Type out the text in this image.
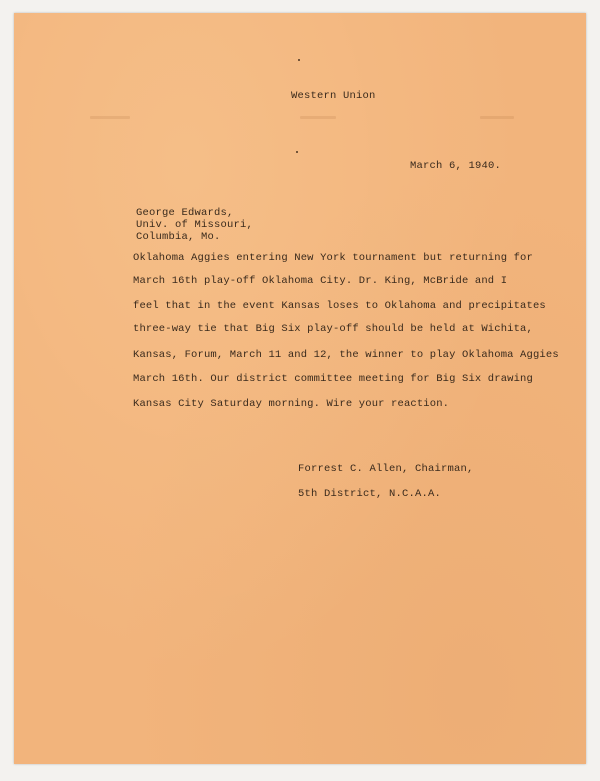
Western Union
March 6, 1940.
George Edwards,
Univ. of Missouri,
Columbia, Mo.
Oklahoma Aggies entering New York tournament but returning for
March 16th play-off Oklahoma City. Dr. King, McBride and I
feel that in the event Kansas loses to Oklahoma and precipitates
three-way tie that Big Six play-off should be held at Wichita,
Kansas, Forum, March 11 and 12, the winner to play Oklahoma Aggies
March 16th. Our district committee meeting for Big Six drawing
Kansas City Saturday morning. Wire your reaction.
Forrest C. Allen, Chairman,
5th District, N.C.A.A.
